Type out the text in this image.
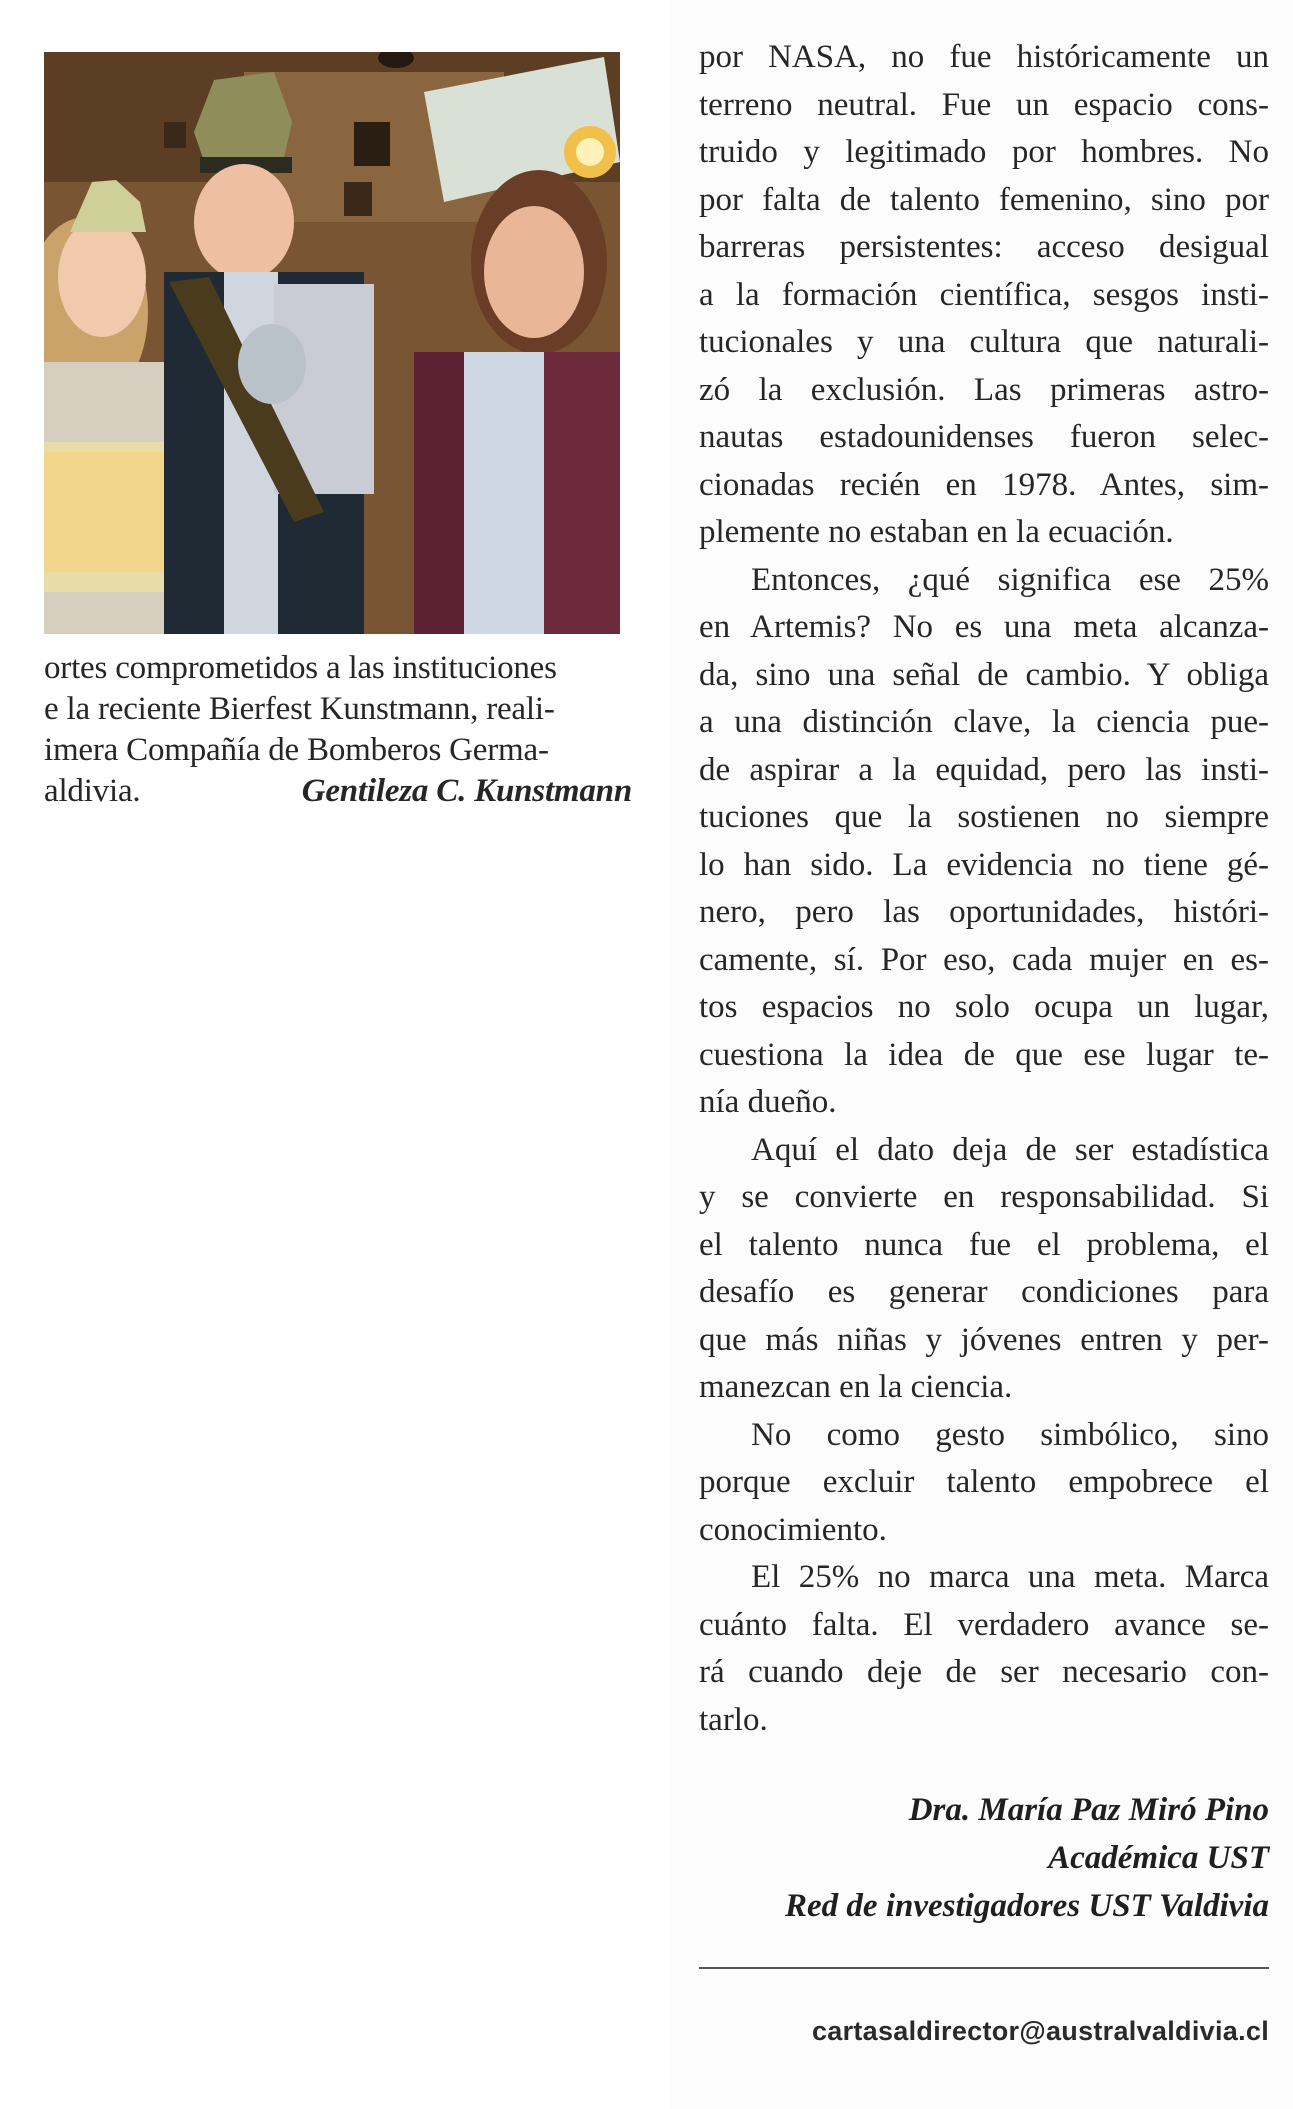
ortes comprometidos a las instituciones
e la reciente Bierfest Kunstmann, reali-
imera Compañía de Bomberos Germa-
aldivia.	Gentileza C. Kunstmann
por NASA, no fue históricamente un
terreno neutral. Fue un espacio cons-
truido y legitimado por hombres. No
por falta de talento femenino, sino por
barreras persistentes: acceso desigual
a la formación científica, sesgos insti-
tucionales y una cultura que naturali-
zó la exclusión. Las primeras astro-
nautas estadounidenses fueron selec-
cionadas recién en 1978. Antes, sim-
plemente no estaban en la ecuación.
Entonces, ¿qué significa ese 25%
en Artemis? No es una meta alcanza-
da, sino una señal de cambio. Y obliga
a una distinción clave, la ciencia pue-
de aspirar a la equidad, pero las insti-
tuciones que la sostienen no siempre
lo han sido. La evidencia no tiene gé-
nero, pero las oportunidades, históri-
camente, sí. Por eso, cada mujer en es-
tos espacios no solo ocupa un lugar,
cuestiona la idea de que ese lugar te-
nía dueño.
Aquí el dato deja de ser estadística
y se convierte en responsabilidad. Si
el talento nunca fue el problema, el
desafío es generar condiciones para
que más niñas y jóvenes entren y per-
manezcan en la ciencia.
No como gesto simbólico, sino
porque excluir talento empobrece el
conocimiento.
El 25% no marca una meta. Marca
cuánto falta. El verdadero avance se-
rá cuando deje de ser necesario con-
tarlo.
Dra. María Paz Miró Pino
Académica UST
Red de investigadores UST Valdivia
cartasaldirector@australvaldivia.cl
